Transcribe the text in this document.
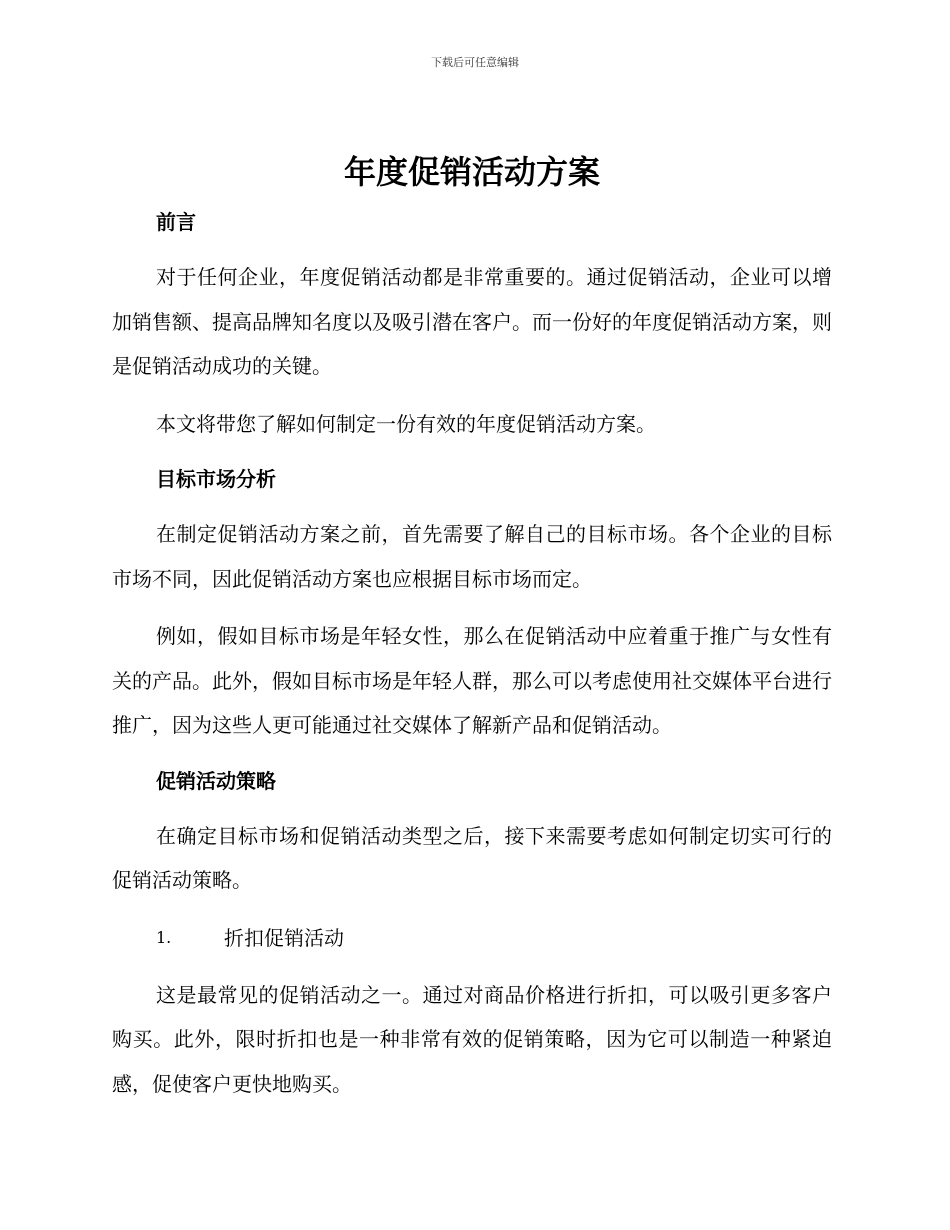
下载后可任意编辑
年度促销活动方案
前言

对于任何企业，年度促销活动都是非常重要的。通过促销活动，企业可以增加销售额、提高品牌知名度以及吸引潜在客户。而一份好的年度促销活动方案，则是促销活动成功的关键。

本文将带您了解如何制定一份有效的年度促销活动方案。

目标市场分析

在制定促销活动方案之前，首先需要了解自己的目标市场。各个企业的目标市场不同，因此促销活动方案也应根据目标市场而定。

例如，假如目标市场是年轻女性，那么在促销活动中应着重于推广与女性有关的产品。此外，假如目标市场是年轻人群，那么可以考虑使用社交媒体平台进行推广，因为这些人更可能通过社交媒体了解新产品和促销活动。

促销活动策略

在确定目标市场和促销活动类型之后，接下来需要考虑如何制定切实可行的促销活动策略。

1.	折扣促销活动

这是最常见的促销活动之一。通过对商品价格进行折扣，可以吸引更多客户购买。此外，限时折扣也是一种非常有效的促销策略，因为它可以制造一种紧迫感，促使客户更快地购买。
